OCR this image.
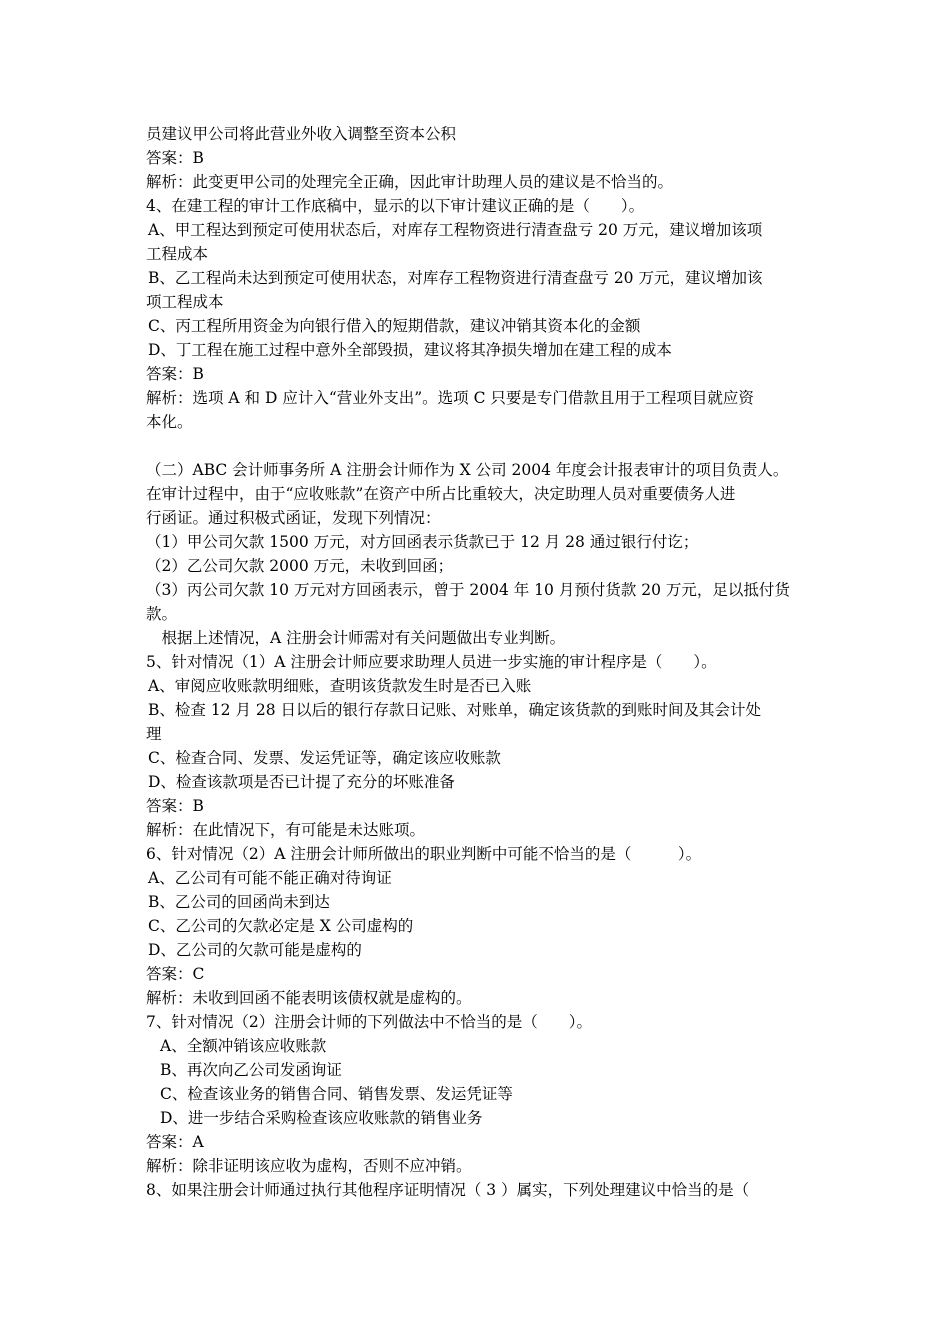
员建议甲公司将此营业外收入调整至资本公积
答案：B
解析：此变更甲公司的处理完全正确，因此审计助理人员的建议是不恰当的。
4、在建工程的审计工作底稿中，显示的以下审计建议正确的是（　　）。
A、甲工程达到预定可使用状态后，对库存工程物资进行清查盘亏 20 万元，建议增加该项
工程成本
B、乙工程尚未达到预定可使用状态，对库存工程物资进行清查盘亏 20 万元，建议增加该
项工程成本
C、丙工程所用资金为向银行借入的短期借款，建议冲销其资本化的金额
D、丁工程在施工过程中意外全部毁损，建议将其净损失增加在建工程的成本
答案：B
解析：选项 A 和 D 应计入“营业外支出”。选项 C 只要是专门借款且用于工程项目就应资
本化。
（二）ABC 会计师事务所 A 注册会计师作为 X 公司 2004 年度会计报表审计的项目负责人。
在审计过程中，由于“应收账款”在资产中所占比重较大，决定助理人员对重要债务人进
行函证。通过积极式函证，发现下列情况：
（1）甲公司欠款 1500 万元，对方回函表示货款已于 12 月 28 通过银行付讫；
（2）乙公司欠款 2000 万元，未收到回函；
（3）丙公司欠款 10 万元对方回函表示，曾于 2004 年 10 月预付货款 20 万元，足以抵付货
款。
　根据上述情况，A 注册会计师需对有关问题做出专业判断。
5、针对情况（1）A 注册会计师应要求助理人员进一步实施的审计程序是（　　）。
A、审阅应收账款明细账，查明该货款发生时是否已入账
B、检查 12 月 28 日以后的银行存款日记账、对账单，确定该货款的到账时间及其会计处
理
C、检查合同、发票、发运凭证等，确定该应收账款
D、检查该款项是否已计提了充分的坏账准备
答案：B
解析：在此情况下，有可能是未达账项。
6、针对情况（2）A 注册会计师所做出的职业判断中可能不恰当的是（　　　）。
A、乙公司有可能不能正确对待询证
B、乙公司的回函尚未到达
C、乙公司的欠款必定是 X 公司虚构的
D、乙公司的欠款可能是虚构的
答案：C
解析：未收到回函不能表明该债权就是虚构的。
7、针对情况（2）注册会计师的下列做法中不恰当的是（　　）。
A、全额冲销该应收账款
B、再次向乙公司发函询证
C、检查该业务的销售合同、销售发票、发运凭证等
D、进一步结合采购检查该应收账款的销售业务
答案：A
解析：除非证明该应收为虚构，否则不应冲销。
8、如果注册会计师通过执行其他程序证明情况（ 3 ）属实，下列处理建议中恰当的是（
